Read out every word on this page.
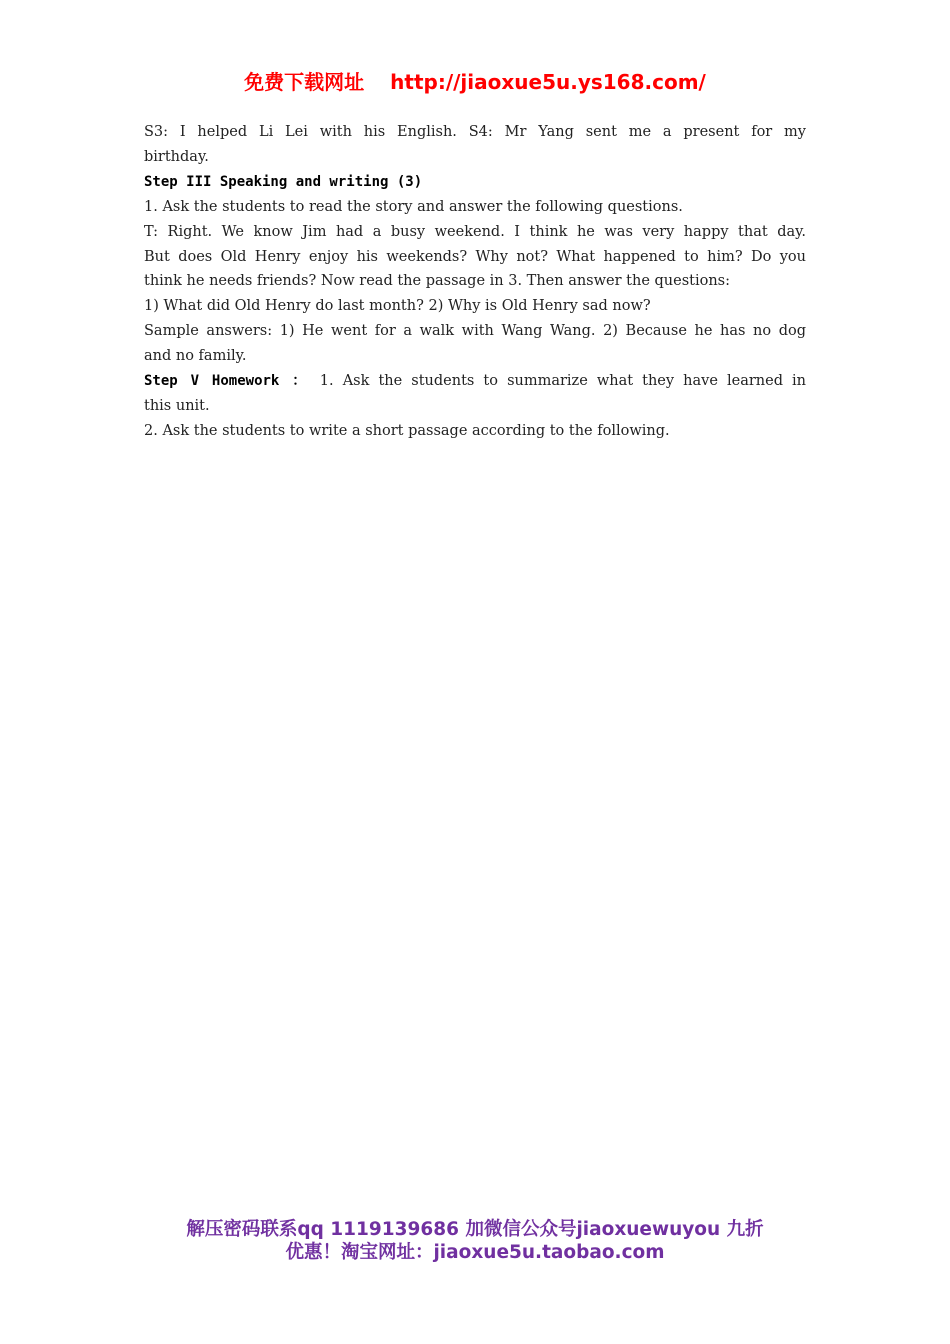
免费下载网址 http://jiaoxue5u.ys168.com/

S3: I helped Li Lei with his English. S4: Mr Yang sent me a present for my

birthday.

Step III Speaking and writing (3)

1. Ask the students to read the story and answer the following questions.

T: Right. We know Jim had a busy weekend. I think he was very happy that day.

But does Old Henry enjoy his weekends? Why not? What happened to him? Do you

think he needs friends? Now read the passage in 3. Then answer the questions:

1) What did Old Henry do last month? 2) Why is Old Henry sad now?

Sample answers: 1) He went for a walk with Wang Wang. 2) Because he has no dog

and no family.

Step V Homework ： 1. Ask the students to summarize what they have learned in

this unit.

2. Ask the students to write a short passage according to the following.

解压密码联系qq 1119139686 加微信公众号jiaoxuewuyou 九折
优惠！淘宝网址：jiaoxue5u.taobao.com
